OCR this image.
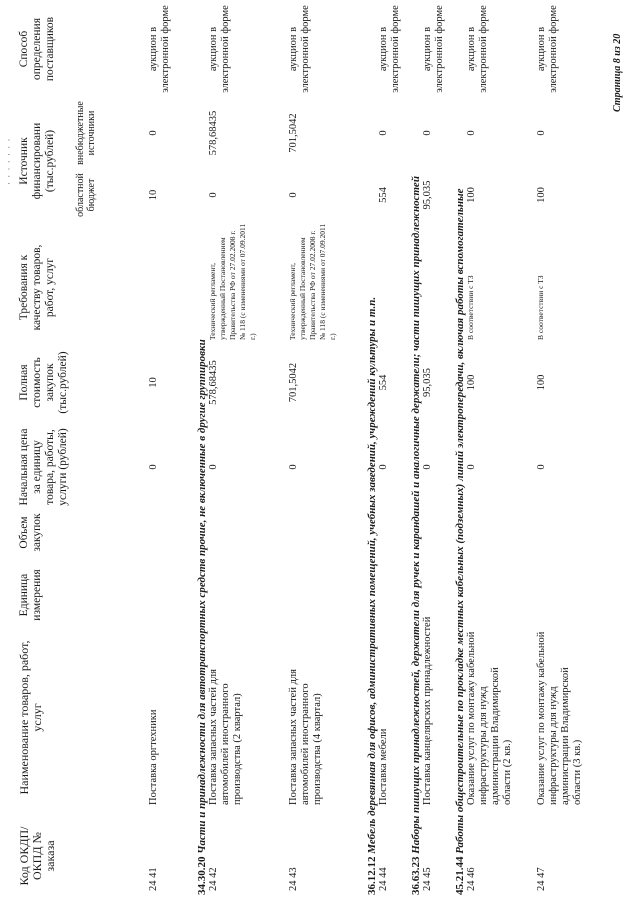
· · · · · · ·
Код ОКДП/ ОКПД № заказа
Наименование товаров, работ, услуг
Единица измерения
Объем закупок
Начальная цена за единицу товара, работы, услуги (рублей)
Полная стоимость закупок (тыс.рублей)
Требования к качеству товаров, работ, услуг
Источник финансировани (тыс.рублей)
областной бюджет
внебюджетные источники
Способ определения поставщиков
24 41
Поставка оргтехники
0
10
10
0
аукцион в электронной форме
34.30.20 Части и принадлежности для автотранспортных средств прочие, не включенные в другие группировки
24 42
Поставка запасных частей для автомобилей иностранного производства (2 квартал)
0
578,68435
Технический регламент, утвержденный Постановлением Правительства РФ от 27.02.2008 г. № 118 (с изменениями от 07.09.2011 г.)
0
578,68435
аукцион в электронной форме
24 43
Поставка запасных частей для автомобилей иностранного производства (4 квартал)
0
701,5042
Технический регламент, утвержденный Постановлением Правительства РФ от 27.02.2008 г. № 118 (с изменениями от 07.09.2011 г.)
0
701,5042
аукцион в электронной форме
36.12.12 Мебель деревянная для офисов, административных помещений, учебных заведений, учреждений культуры и т.п.
24 44
Поставка мебели
0
554
554
0
аукцион в электронной форме
36.63.23 Наборы пишущих принадлежностей, держатели для ручек и карандашей и аналогичные держатели; части пишущих принадлежностей
24 45
Поставка канцелярских принадлежностей
0
95,035
95,035
0
аукцион в электронной форме
45.21.44 Работы общестроительные по прокладке местных кабельных (подземных) линий электропередачи, включая работы вспомогательные
24 46
Оказание услуг по монтажу кабельной инфраструктуры для нужд администрации Владимирской области (2 кв.)
0
100
В соответствии с ТЗ
100
0
аукцион в электронной форме
24 47
Оказание услуг по монтажу кабельной инфраструктуры для нужд администрации Владимирской области (3 кв.)
0
100
В соответствии с ТЗ
100
0
аукцион в электронной форме	Страница 8 из 20
